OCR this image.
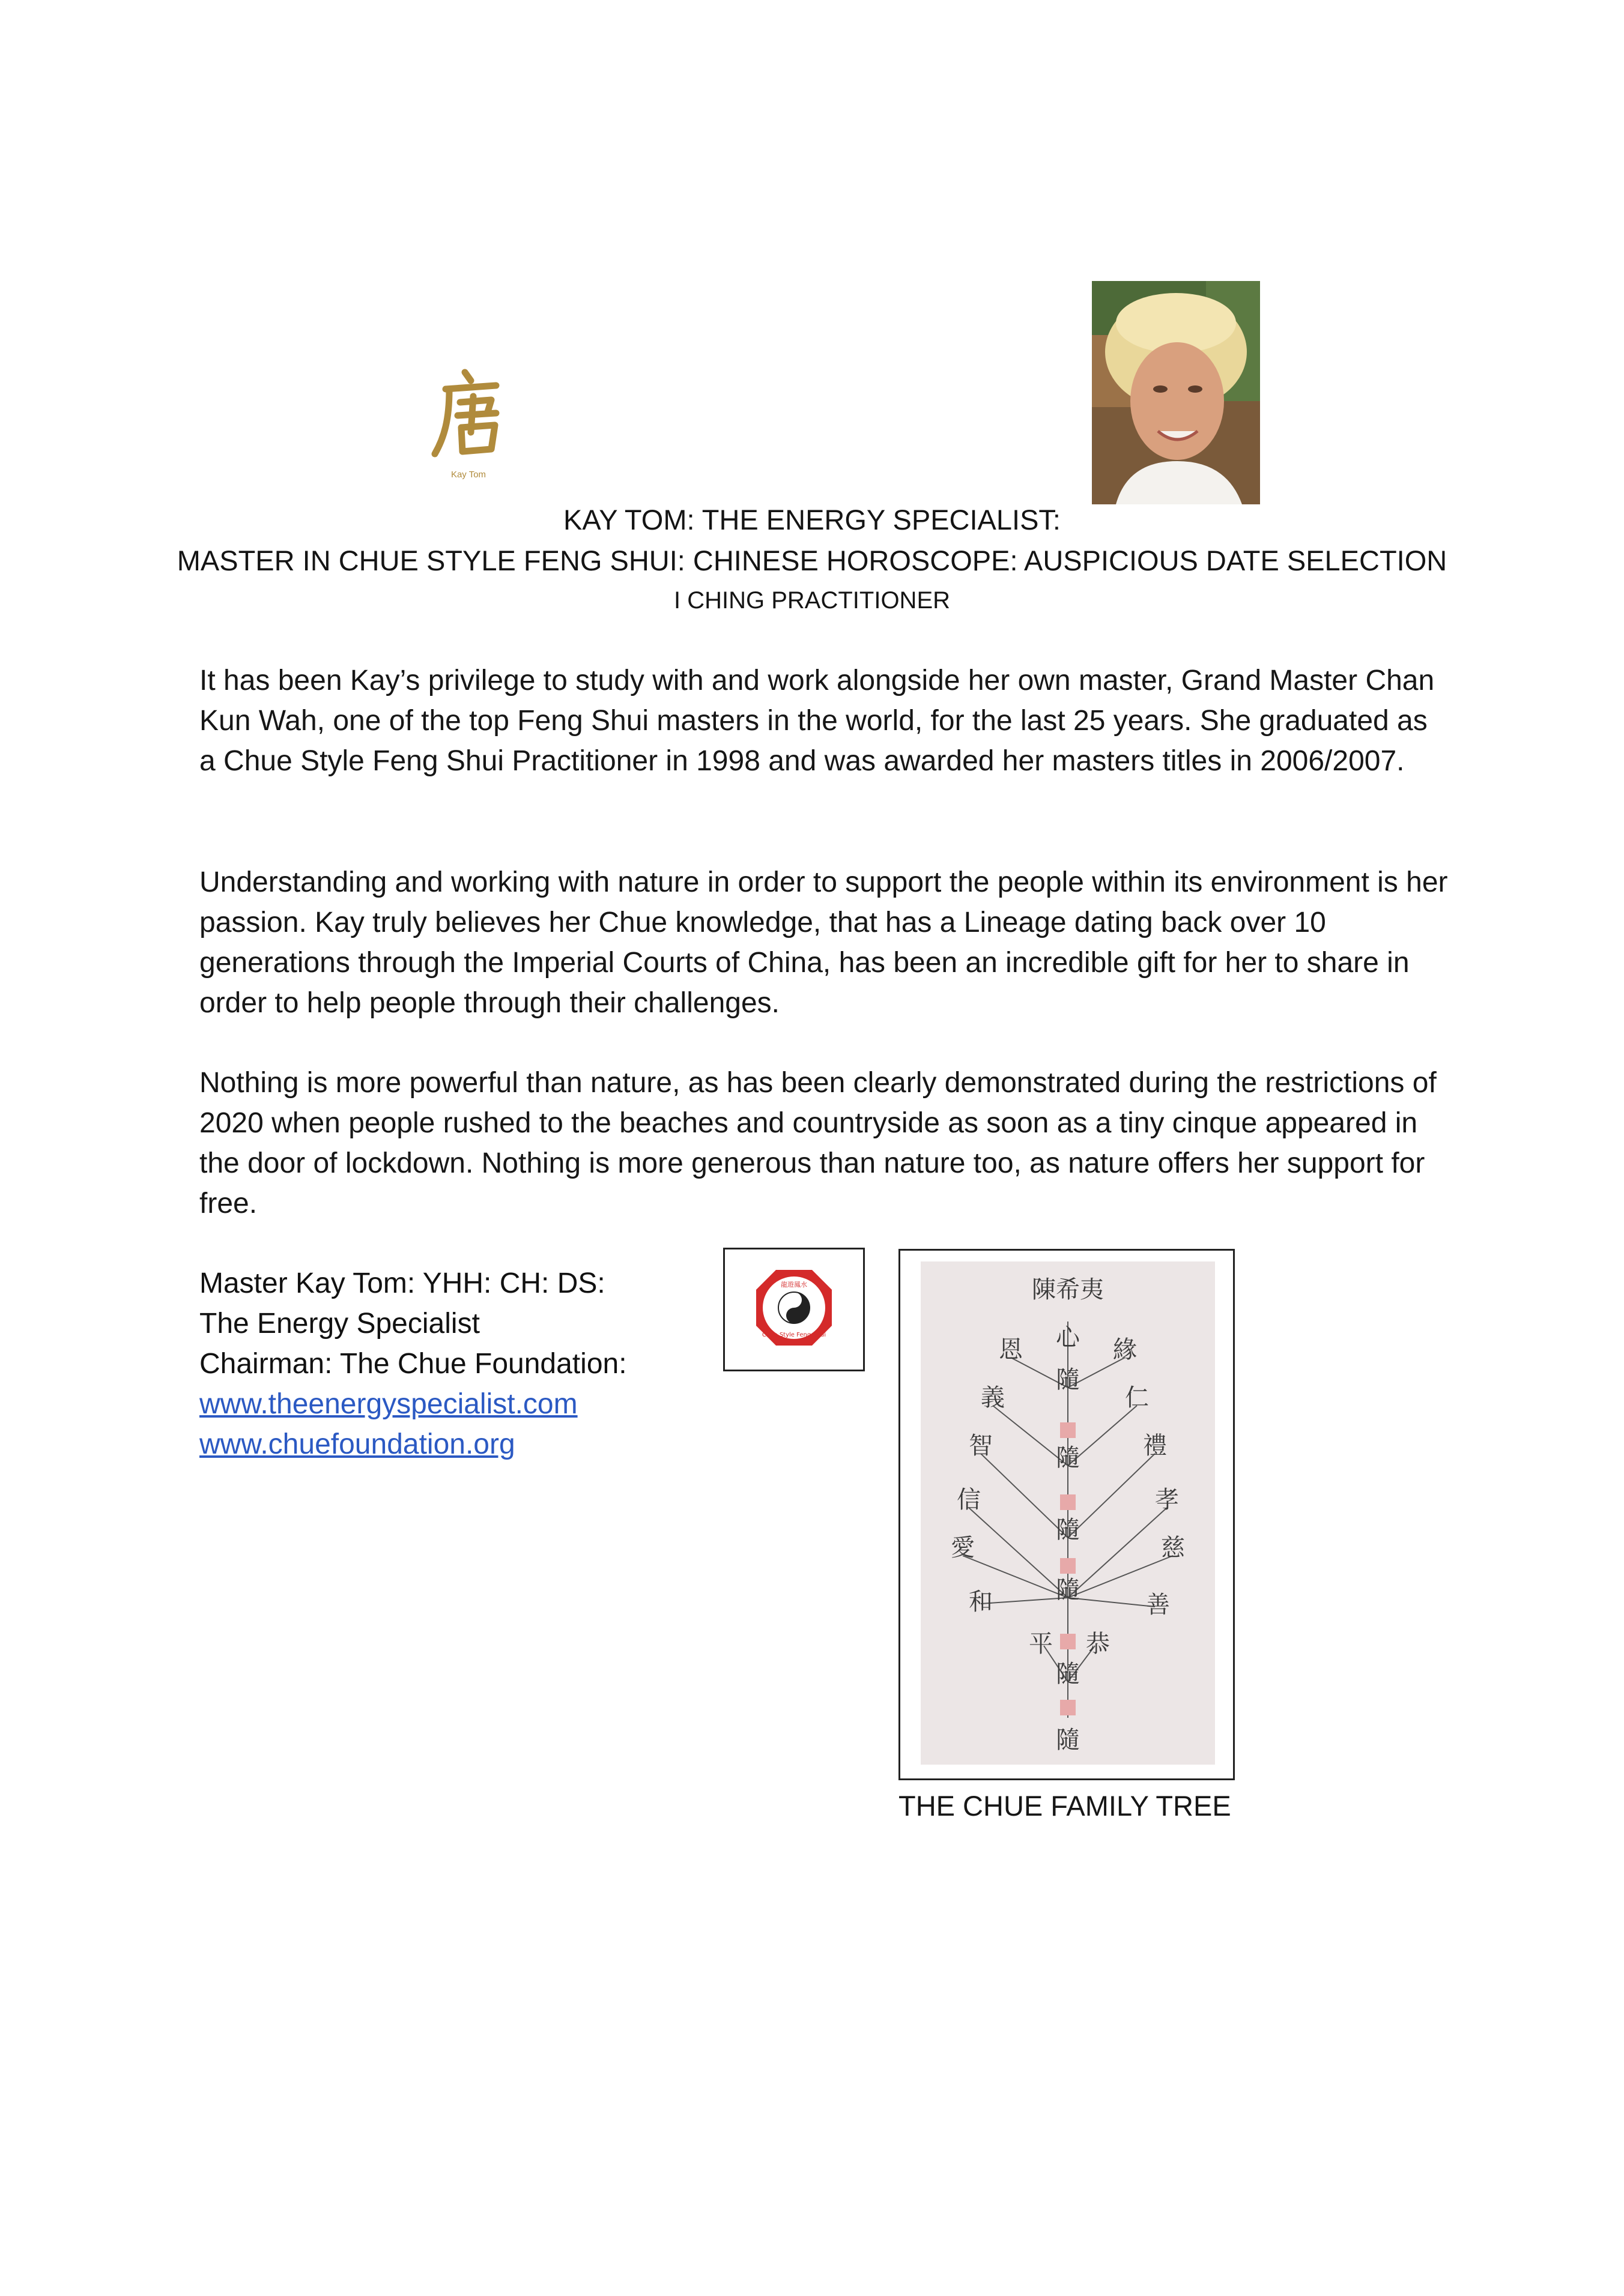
Kay Tom
KAY TOM: THE ENERGY SPECIALIST:
MASTER IN CHUE STYLE FENG SHUI: CHINESE HOROSCOPE: AUSPICIOUS DATE SELECTION
I CHING PRACTITIONER
It has been Kay’s privilege to study with and work alongside her own master, Grand Master Chan Kun Wah, one of the top Feng Shui masters in the world, for the last 25 years. She graduated as a Chue Style Feng Shui Practitioner in 1998 and was awarded her masters titles in 2006/2007.
Understanding and working with nature in order to support the people within its environment is her passion. Kay truly believes her Chue knowledge, that has a Lineage dating back over 10 generations through the Imperial Courts of China, has been an incredible gift for her to share in order to help people through their challenges.
Nothing is more powerful than nature, as has been clearly demonstrated during the restrictions of 2020 when people rushed to the beaches and countryside as soon as a tiny cinque appeared in the door of lockdown. Nothing is more generous than nature too, as nature offers her support for free.
Master Kay Tom: YHH: CH: DS:
The Energy Specialist
Chairman: The Chue Foundation:
www.theenergyspecialist.com
www.chuefoundation.org
龍遊鳳水
Chue Style Feng Shui
陳希夷
心
恩	緣
義	仁
智	禮
信	孝
愛	慈
和	善
平 恭
隨
隨
隨
隨
隨
隨
THE CHUE FAMILY TREE
